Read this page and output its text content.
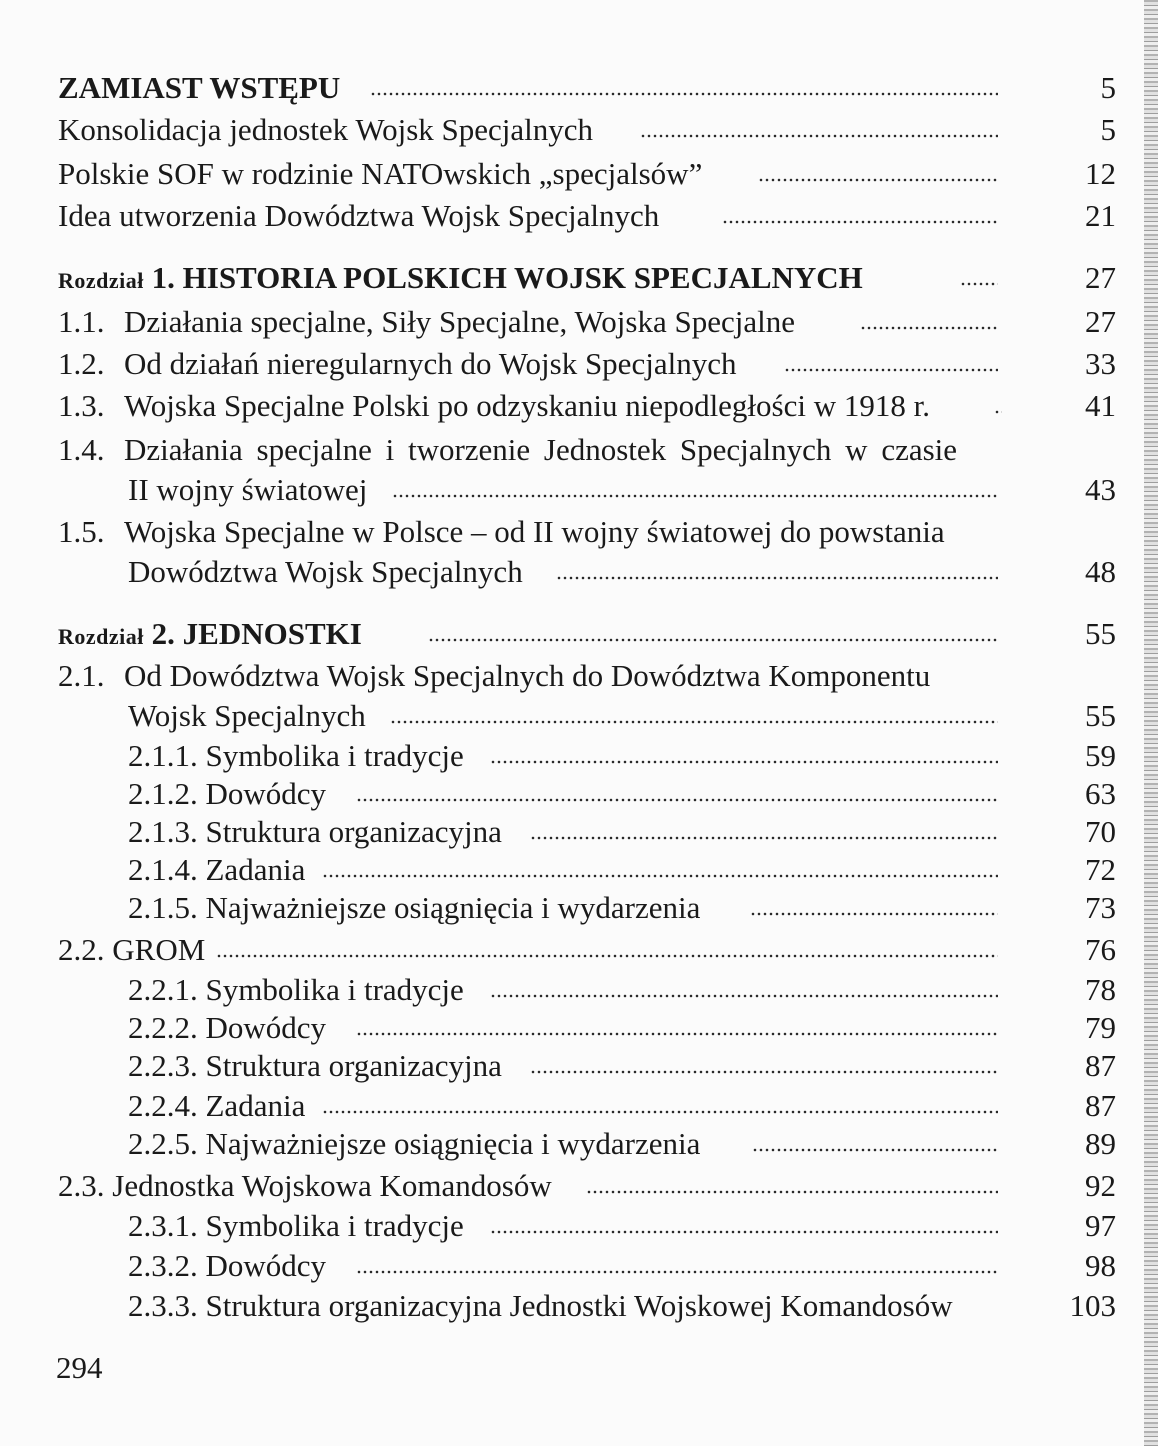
ZAMIAST WSTĘPU	5
Konsolidacja jednostek Wojsk Specjalnych	5
Polskie SOF w rodzinie NATOwskich „specjalsów”	12
Idea utworzenia Dowództwa Wojsk Specjalnych	21
Rozdział 1. HISTORIA POLSKICH WOJSK SPECJALNYCH	27
1.1. Działania specjalne, Siły Specjalne, Wojska Specjalne	27
1.2. Od działań nieregularnych do Wojsk Specjalnych	33
1.3. Wojska Specjalne Polski po odzyskaniu niepodległości w 1918 r.	41
1.4. Działania specjalne i tworzenie Jednostek Specjalnych w czasie
II wojny światowej	43
1.5. Wojska Specjalne w Polsce – od II wojny światowej do powstania
Dowództwa Wojsk Specjalnych	48
Rozdział 2. JEDNOSTKI	55
2.1. Od Dowództwa Wojsk Specjalnych do Dowództwa Komponentu
Wojsk Specjalnych	55
2.1.1. Symbolika i tradycje	59
2.1.2. Dowódcy	63
2.1.3. Struktura organizacyjna	70
2.1.4. Zadania	72
2.1.5. Najważniejsze osiągnięcia i wydarzenia	73
2.2. GROM	76
2.2.1. Symbolika i tradycje	78
2.2.2. Dowódcy	79
2.2.3. Struktura organizacyjna	87
2.2.4. Zadania	87
2.2.5. Najważniejsze osiągnięcia i wydarzenia	89
2.3. Jednostka Wojskowa Komandosów	92
2.3.1. Symbolika i tradycje	97
2.3.2. Dowódcy	98
2.3.3. Struktura organizacyjna Jednostki Wojskowej Komandosów	103
294
